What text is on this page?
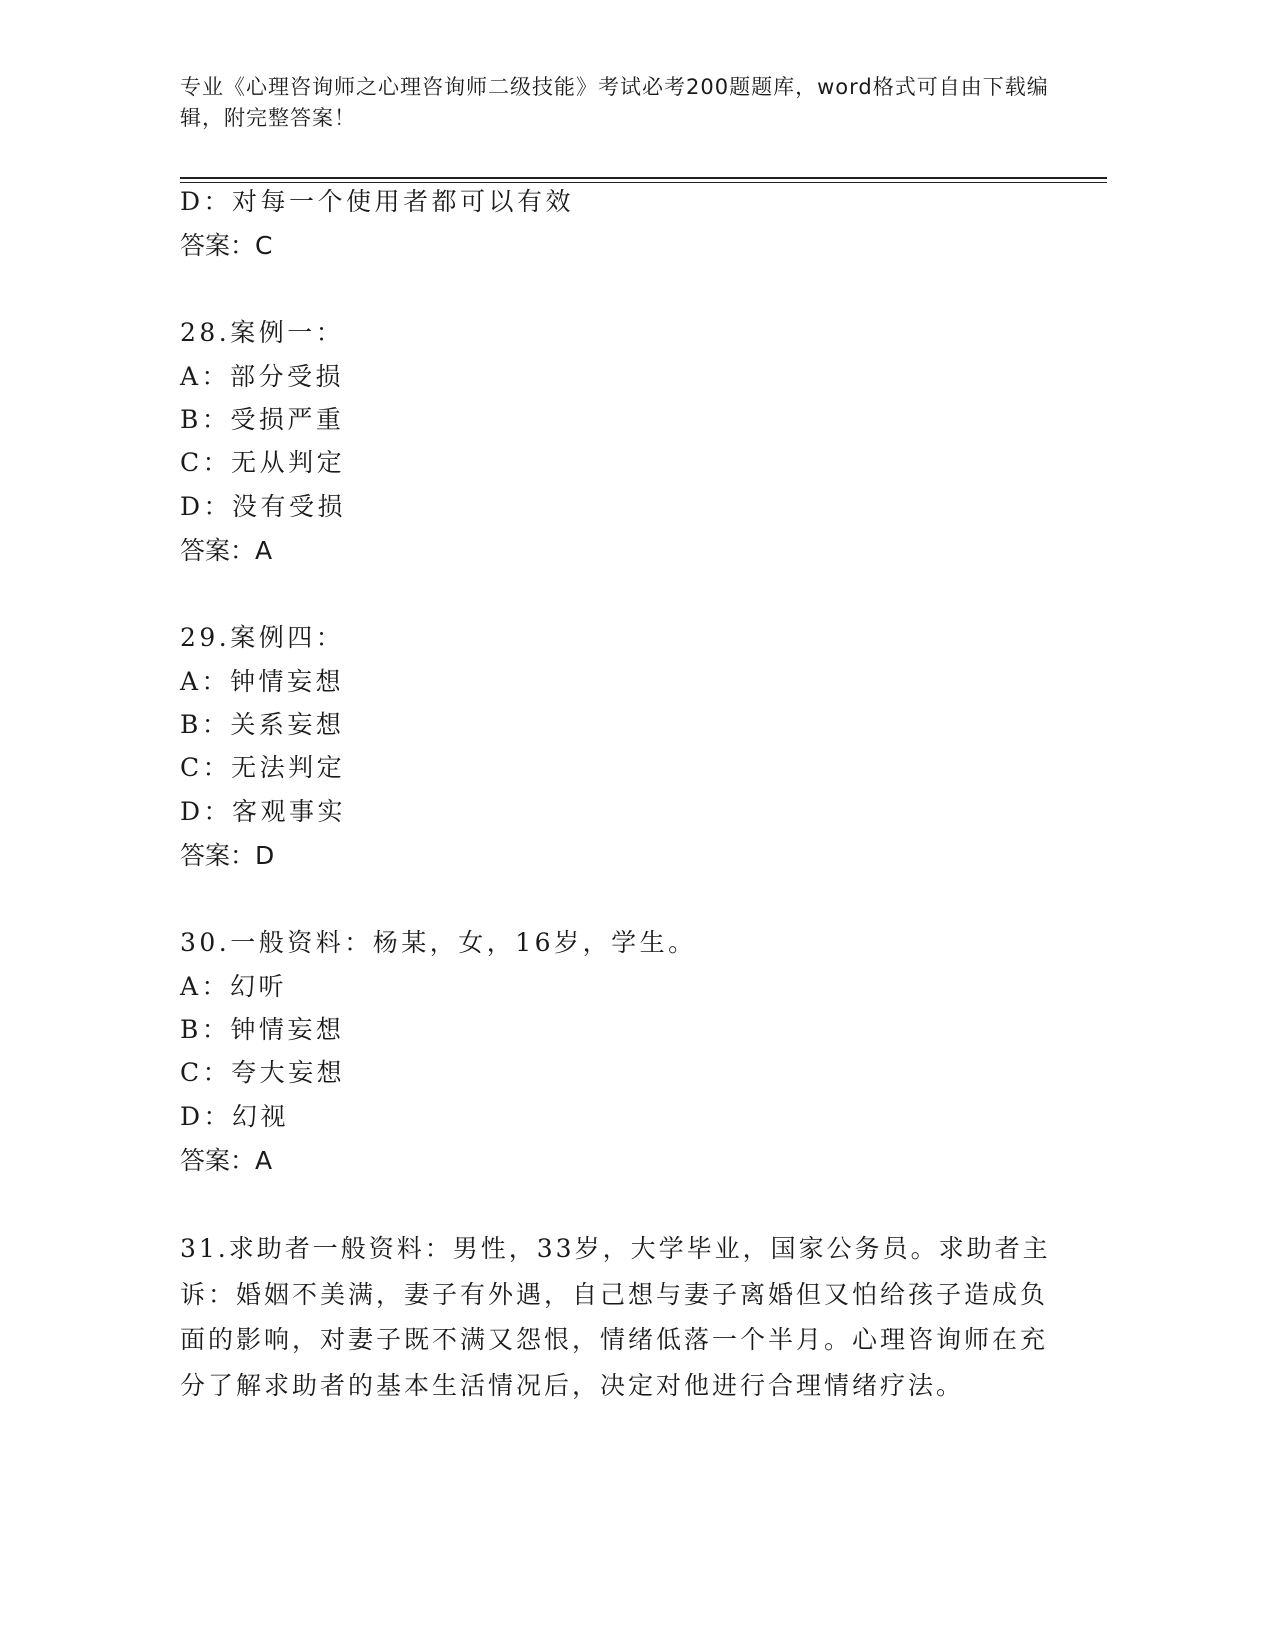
专业《心理咨询师之心理咨询师二级技能》考试必考200题题库，word格式可自由下载编辑，附完整答案！
D：对每一个使用者都可以有效
答案：C
28.案例一：
A：部分受损
B：受损严重
C：无从判定
D：没有受损
答案：A
29.案例四：
A：钟情妄想
B：关系妄想
C：无法判定
D：客观事实
答案：D
30.一般资料：杨某，女，16岁，学生。
A：幻听
B：钟情妄想
C：夸大妄想
D：幻视
答案：A
31.求助者一般资料：男性，33岁，大学毕业，国家公务员。求助者主诉：婚姻不美满，妻子有外遇，自己想与妻子离婚但又怕给孩子造成负面的影响，对妻子既不满又怨恨，情绪低落一个半月。心理咨询师在充分了解求助者的基本生活情况后，决定对他进行合理情绪疗法。
